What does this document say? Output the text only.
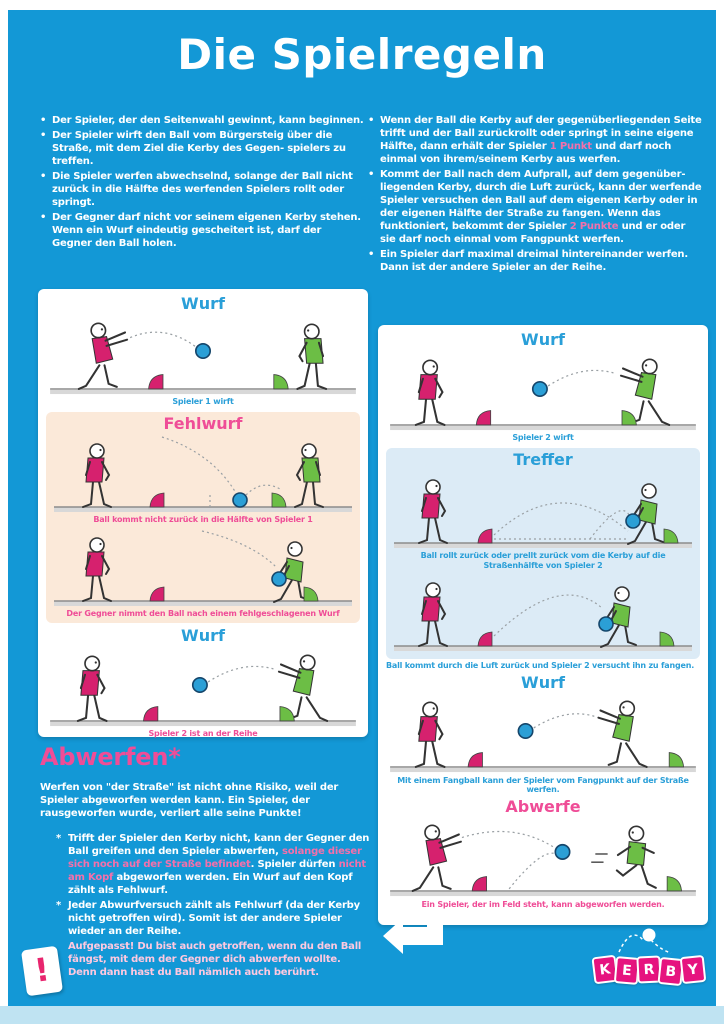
Die Spielregeln
• Der Spieler, der den Seitenwahl gewinnt, kann beginnen.
• Der Spieler wirft den Ball vom Bürgersteig über die Straße, mit dem Ziel die Kerby des Gegen- spielers zu treffen.
• Die Spieler werfen abwechselnd, solange der Ball nicht zurück in die Hälfte des werfenden Spielers rollt oder springt.
• Der Gegner darf nicht vor seinem eigenen Kerby stehen. Wenn ein Wurf eindeutig gescheitert ist, darf der Gegner den Ball holen.
• Wenn der Ball die Kerby auf der gegenüberliegenden Seite trifft und der Ball zurückrollt oder springt in seine eigene Hälfte, dann erhält der Spieler 1 Punkt und darf noch einmal von ihrem/seinem Kerby aus werfen.
• Kommt der Ball nach dem Aufprall, auf dem gegenüber- liegenden Kerby, durch die Luft zurück, kann der werfende Spieler versuchen den Ball auf dem eigenen Kerby oder in der eigenen Hälfte der Straße zu fangen. Wenn das funktioniert, bekommt der Spieler 2 Punkte und er oder sie darf noch einmal vom Fangpunkt werfen.
• Ein Spieler darf maximal dreimal hintereinander werfen. Dann ist der andere Spieler an der Reihe.
Wurf
Spieler 1 wirft
Fehlwurf
Ball kommt nicht zurück in die Hälfte von Spieler 1
Der Gegner nimmt den Ball nach einem fehlgeschlagenen Wurf
Wurf
Spieler 2 ist an der Reihe
Abwerfen*
Werfen von "der Straße" ist nicht ohne Risiko, weil der Spieler abgeworfen werden kann. Ein Spieler, der rausgeworfen wurde, verliert alle seine Punkte!
* Trifft der Spieler den Kerby nicht, kann der Gegner den Ball greifen und den Spieler abwerfen, solange dieser sich noch auf der Straße befindet. Spieler dürfen nicht am Kopf abgeworfen werden. Ein Wurf auf den Kopf zählt als Fehlwurf.
* Jeder Abwurfversuch zählt als Fehlwurf (da der Kerby nicht getroffen wird). Somit ist der andere Spieler wieder an der Reihe.
!
Aufgepasst! Du bist auch getroffen, wenn du den Ball fängst, mit dem der Gegner dich abwerfen wollte. Denn dann hast du Ball nämlich auch berührt.
Wurf
Spieler 2 wirft
Treffer
Ball rollt zurück oder prellt zurück vom die Kerby auf die Straßenhälfte von Spieler 2
Ball kommt durch die Luft zurück und Spieler 2 versucht ihn zu fangen.
Wurf
Mit einem Fangball kann der Spieler vom Fangpunkt auf der Straße werfen.
Abwerfe
Ein Spieler, der im Feld steht, kann abgeworfen werden.
K E R B Y
